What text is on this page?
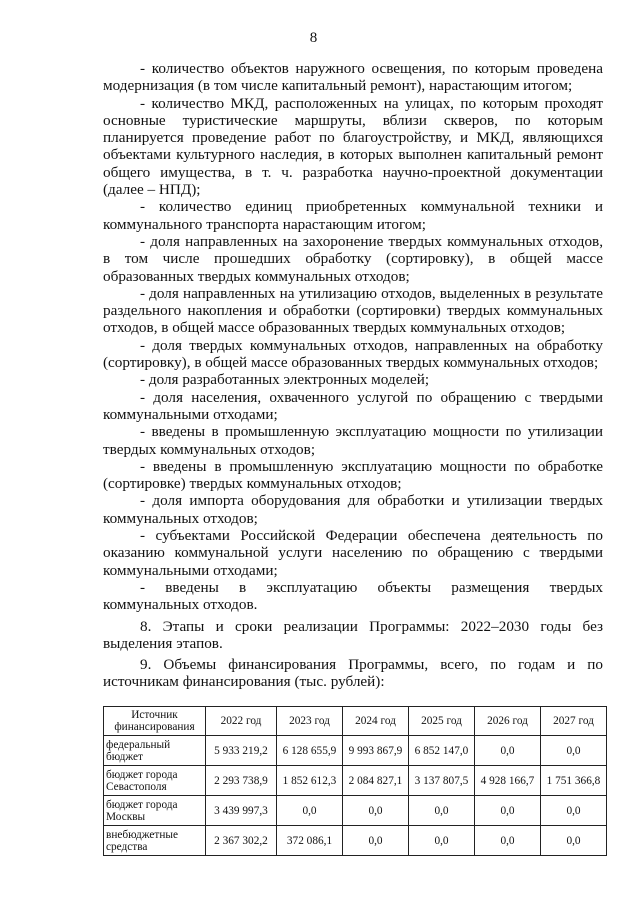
8

- количество объектов наружного освещения, по которым проведена модернизация (в том числе капитальный ремонт), нарастающим итогом;

- количество МКД, расположенных на улицах, по которым проходят основные туристические маршруты, вблизи скверов, по которым планируется проведение работ по благоустройству, и МКД, являющихся объектами культурного наследия, в которых выполнен капитальный ремонт общего имущества, в т. ч. разработка научно-проектной документации (далее – НПД);

- количество единиц приобретенных коммунальной техники и коммунального транспорта нарастающим итогом;

- доля направленных на захоронение твердых коммунальных отходов, в том числе прошедших обработку (сортировку), в общей массе образованных твердых коммунальных отходов;

- доля направленных на утилизацию отходов, выделенных в результате раздельного накопления и обработки (сортировки) твердых коммунальных отходов, в общей массе образованных твердых коммунальных отходов;

- доля твердых коммунальных отходов, направленных на обработку (сортировку), в общей массе образованных твердых коммунальных отходов;

- доля разработанных электронных моделей;

- доля населения, охваченного услугой по обращению с твердыми коммунальными отходами;

- введены в промышленную эксплуатацию мощности по утилизации твердых коммунальных отходов;

- введены в промышленную эксплуатацию мощности по обработке (сортировке) твердых коммунальных отходов;

- доля импорта оборудования для обработки и утилизации твердых коммунальных отходов;

- субъектами Российской Федерации обеспечена деятельность по оказанию коммунальной услуги населению по обращению с твердыми коммунальными отходами;

- введены в эксплуатацию объекты размещения твердых коммунальных отходов.

8. Этапы и сроки реализации Программы: 2022–2030 годы без выделения этапов.

9. Объемы финансирования Программы, всего, по годам и по источникам финансирования (тыс. рублей):

Источник финансирования	2022 год	2023 год	2024 год	2025 год	2026 год	2027 год
федеральный бюджет	5 933 219,2	6 128 655,9	9 993 867,9	6 852 147,0	0,0	0,0
бюджет города Севастополя	2 293 738,9	1 852 612,3	2 084 827,1	3 137 807,5	4 928 166,7	1 751 366,8
бюджет города Москвы	3 439 997,3	0,0	0,0	0,0	0,0	0,0
внебюджетные средства	2 367 302,2	372 086,1	0,0	0,0	0,0	0,0
